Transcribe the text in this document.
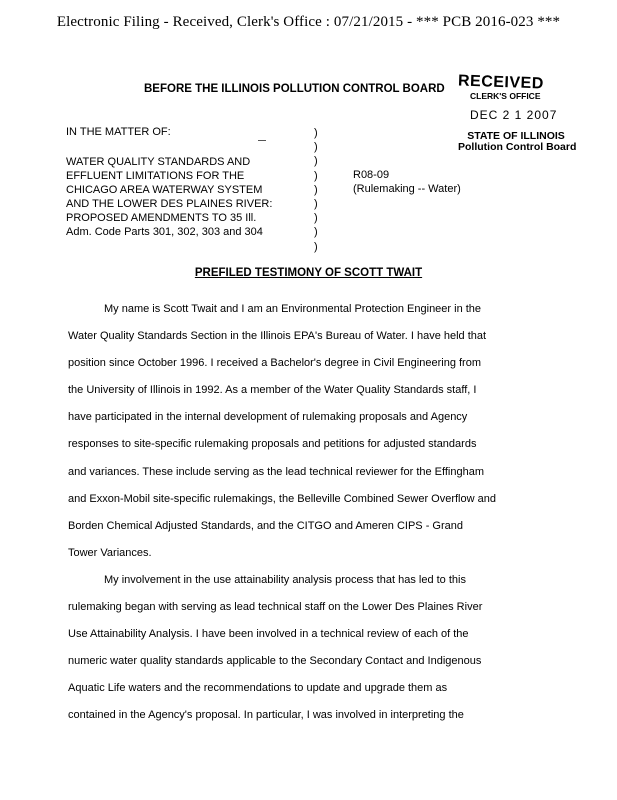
Electronic Filing - Received, Clerk's Office : 07/21/2015 - *** PCB 2016-023 ***
BEFORE THE ILLINOIS POLLUTION CONTROL BOARD RECEIVED
CLERK'S OFFICE
DEC 2 1 2007
STATE OF ILLINOIS
Pollution Control Board
IN THE MATTER OF:
WATER QUALITY STANDARDS AND
EFFLUENT LIMITATIONS FOR THE
CHICAGO AREA WATERWAY SYSTEM
AND THE LOWER DES PLAINES RIVER:
PROPOSED AMENDMENTS TO 35 Ill.
Adm. Code Parts 301, 302, 303 and 304
)
)
)
)
)
)
)
)
)
R08-09
(Rulemaking -- Water)
PREFILED TESTIMONY OF SCOTT TWAIT
My name is Scott Twait and I am an Environmental Protection Engineer in the
Water Quality Standards Section in the Illinois EPA's Bureau of Water. I have held that
position since October 1996. I received a Bachelor's degree in Civil Engineering from
the University of Illinois in 1992. As a member of the Water Quality Standards staff, I
have participated in the internal development of rulemaking proposals and Agency
responses to site-specific rulemaking proposals and petitions for adjusted standards
and variances. These include serving as the lead technical reviewer for the Effingham
and Exxon-Mobil site-specific rulemakings, the Belleville Combined Sewer Overflow and
Borden Chemical Adjusted Standards, and the CITGO and Ameren CIPS - Grand
Tower Variances.
My involvement in the use attainability analysis process that has led to this
rulemaking began with serving as lead technical staff on the Lower Des Plaines River
Use Attainability Analysis. I have been involved in a technical review of each of the
numeric water quality standards applicable to the Secondary Contact and Indigenous
Aquatic Life waters and the recommendations to update and upgrade them as
contained in the Agency's proposal. In particular, I was involved in interpreting the
